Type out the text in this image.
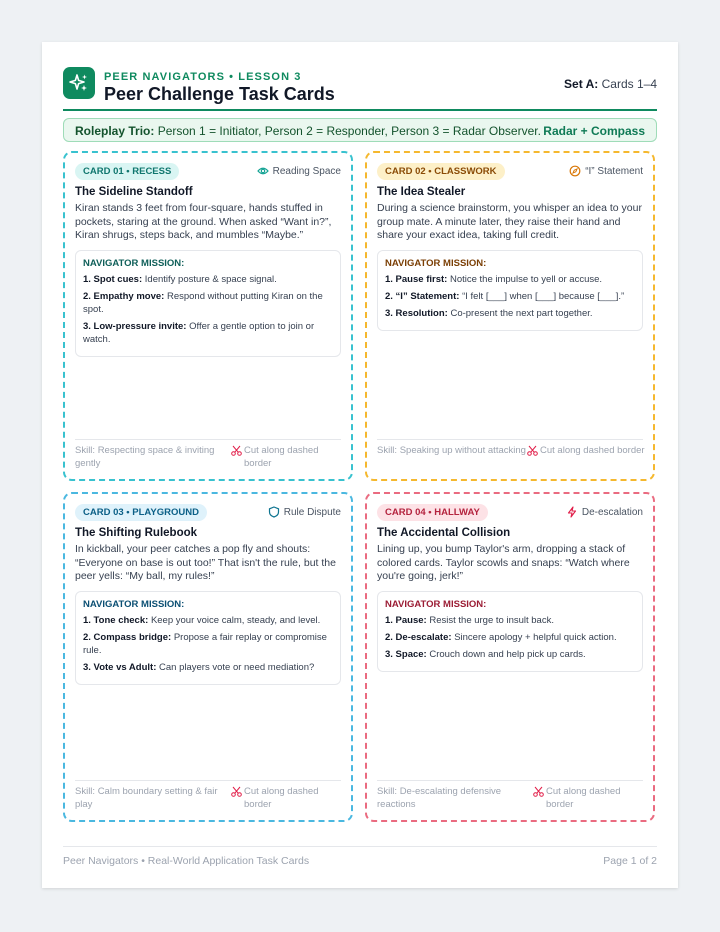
PEER NAVIGATORS • LESSON 3
Peer Challenge Task Cards	Set A: Cards 1–4
Roleplay Trio: Person 1 = Initiator, Person 2 = Responder, Person 3 = Radar Observer. Radar + Compass
CARD 01 • RECESS	Reading Space
The Sideline Standoff
Kiran stands 3 feet from four-square, hands stuffed in pockets, staring at the ground. When asked “Want in?”, Kiran shrugs, steps back, and mumbles “Maybe.”
NAVIGATOR MISSION:
1. Spot cues: Identify posture & space signal.
2. Empathy move: Respond without putting Kiran on the spot.
3. Low-pressure invite: Offer a gentle option to join or watch.
Skill: Respecting space & inviting gently
Cut along dashed border
CARD 02 • CLASSWORK	“I” Statement
The Idea Stealer
During a science brainstorm, you whisper an idea to your group mate. A minute later, they raise their hand and share your exact idea, taking full credit.
NAVIGATOR MISSION:
1. Pause first: Notice the impulse to yell or accuse.
2. “I” Statement: “I felt [___] when [___] because [___].”
3. Resolution: Co-present the next part together.
Skill: Speaking up without attacking Cut along dashed border
CARD 03 • PLAYGROUND	Rule Dispute
The Shifting Rulebook
In kickball, your peer catches a pop fly and shouts: “Everyone on base is out too!” That isn't the rule, but the peer yells: “My ball, my rules!”
NAVIGATOR MISSION:
1. Tone check: Keep your voice calm, steady, and level.
2. Compass bridge: Propose a fair replay or compromise rule.
3. Vote vs Adult: Can players vote or need mediation?
Skill: Calm boundary setting & fair play
Cut along dashed border
CARD 04 • HALLWAY	De-escalation
The Accidental Collision
Lining up, you bump Taylor's arm, dropping a stack of colored cards. Taylor scowls and snaps: “Watch where you're going, jerk!”
NAVIGATOR MISSION:
1. Pause: Resist the urge to insult back.
2. De-escalate: Sincere apology + helpful quick action.
3. Space: Crouch down and help pick up cards.
Skill: De-escalating defensive reactions
Cut along dashed border
Peer Navigators • Real-World Application Task Cards	Page 1 of 2
